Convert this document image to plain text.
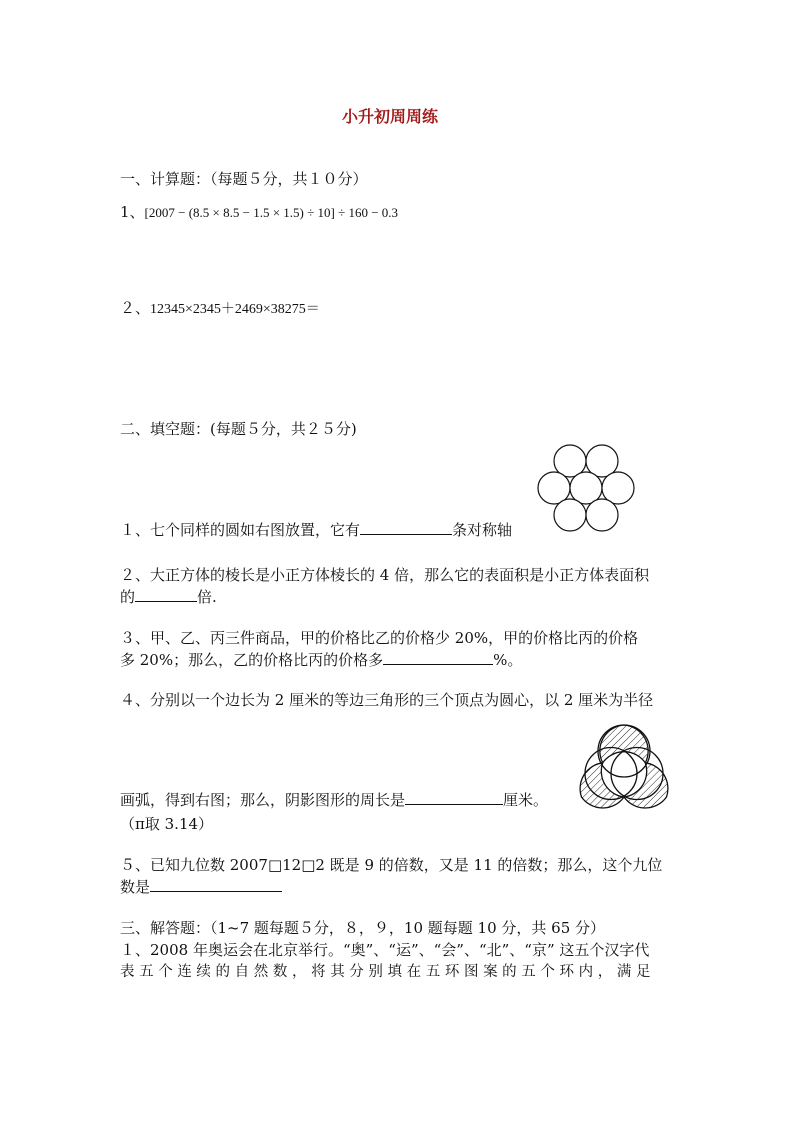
小升初周周练
一、计算题：（每题５分，共１０分）
1、[2007 − (8.5 × 8.5 − 1.5 × 1.5) ÷ 10] ÷ 160 − 0.3
２、12345×2345＋2469×38275＝
二、填空题：(每题５分，共２５分)
１、七个同样的圆如右图放置，它有	条对称轴
２、大正方体的棱长是小正方体棱长的 4 倍，那么它的表面积是小正方体表面积
的	倍.
３、甲、乙、丙三件商品，甲的价格比乙的价格少 20%，甲的价格比丙的价格
多 20%；那么，乙的价格比丙的价格多	%。
４、分别以一个边长为 2 厘米的等边三角形的三个顶点为圆心，以 2 厘米为半径
画弧，得到右图；那么，阴影图形的周长是	厘米。
（π取 3.14）
５、已知九位数 2007□12□2 既是 9 的倍数，又是 11 的倍数；那么，这个九位
数是
三、解答题：（1~7 题每题５分，８，９，10 题每题 10 分，共 65 分）
１、2008 年奥运会在北京举行。“奥”、“运”、“会”、“北”、“京” 这五个汉字代
表 五 个 连 续 的 自 然 数 ， 将 其 分 别 填 在 五 环 图 案 的 五 个 环 内 ， 满 足
